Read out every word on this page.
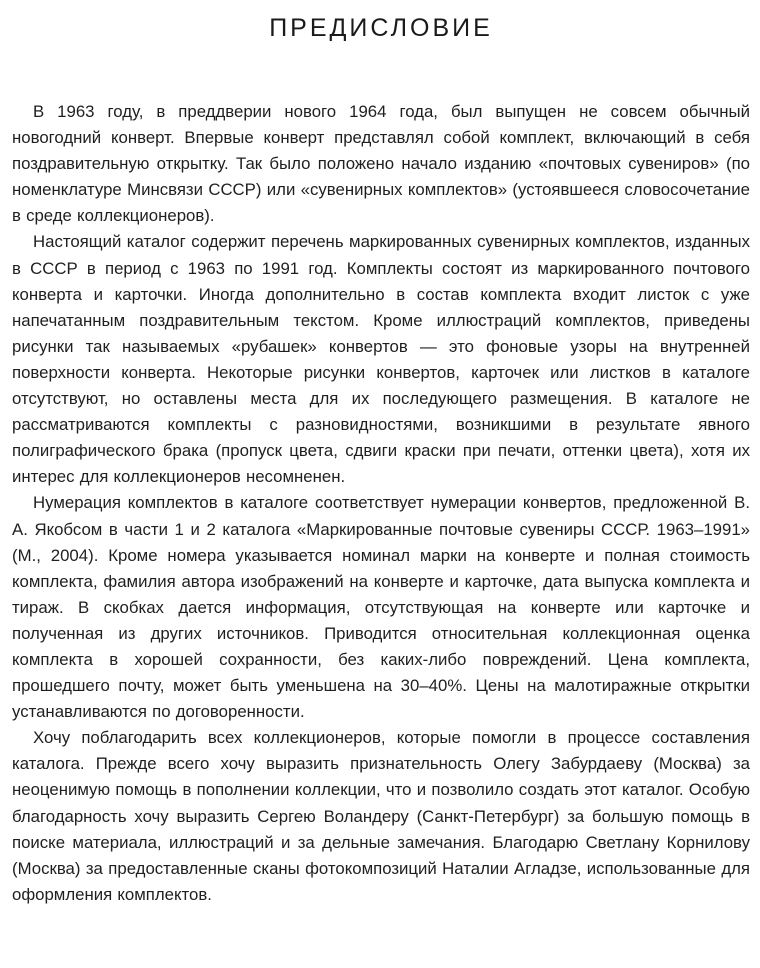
ПРЕДИСЛОВИЕ

В 1963 году, в преддверии нового 1964 года, был выпущен не совсем обычный новогодний конверт. Впервые конверт представлял собой комплект, включающий в себя поздравительную открытку. Так было положено начало изданию «почтовых сувениров» (по номенклатуре Минсвязи СССР) или «сувенирных комплектов» (устоявшееся словосочетание в среде коллекционеров).

Настоящий каталог содержит перечень маркированных сувенирных комплектов, изданных в СССР в период с 1963 по 1991 год. Комплекты состоят из маркированного почтового конверта и карточки. Иногда дополнительно в состав комплекта входит листок с уже напечатанным поздравительным текстом. Кроме иллюстраций комплектов, приведены рисунки так называемых «рубашек» конвертов — это фоновые узоры на внутренней поверхности конверта. Некоторые рисунки конвертов, карточек или листков в каталоге отсутствуют, но оставлены места для их последующего размещения. В каталоге не рассматриваются комплекты с разновидностями, возникшими в результате явного полиграфического брака (пропуск цвета, сдвиги краски при печати, оттенки цвета), хотя их интерес для коллекционеров несомненен.

Нумерация комплектов в каталоге соответствует нумерации конвертов, предложенной В. А. Якобсом в части 1 и 2 каталога «Маркированные почтовые сувениры СССР. 1963–1991» (М., 2004). Кроме номера указывается номинал марки на конверте и полная стоимость комплекта, фамилия автора изображений на конверте и карточке, дата выпуска комплекта и тираж. В скобках дается информация, отсутствующая на конверте или карточке и полученная из других источников. Приводится относительная коллекционная оценка комплекта в хорошей сохранности, без каких-либо повреждений. Цена комплекта, прошедшего почту, может быть уменьшена на 30–40%. Цены на малотиражные открытки устанавливаются по договоренности.

Хочу поблагодарить всех коллекционеров, которые помогли в процессе составления каталога. Прежде всего хочу выразить признательность Олегу Забурдаеву (Москва) за неоценимую помощь в пополнении коллекции, что и позволило создать этот каталог. Особую благодарность хочу выразить Сергею Воландеру (Санкт-Петербург) за большую помощь в поиске материала, иллюстраций и за дельные замечания. Благодарю Светлану Корнилову (Москва) за предоставленные сканы фотокомпозиций Наталии Агладзе, использованные для оформления комплектов.
